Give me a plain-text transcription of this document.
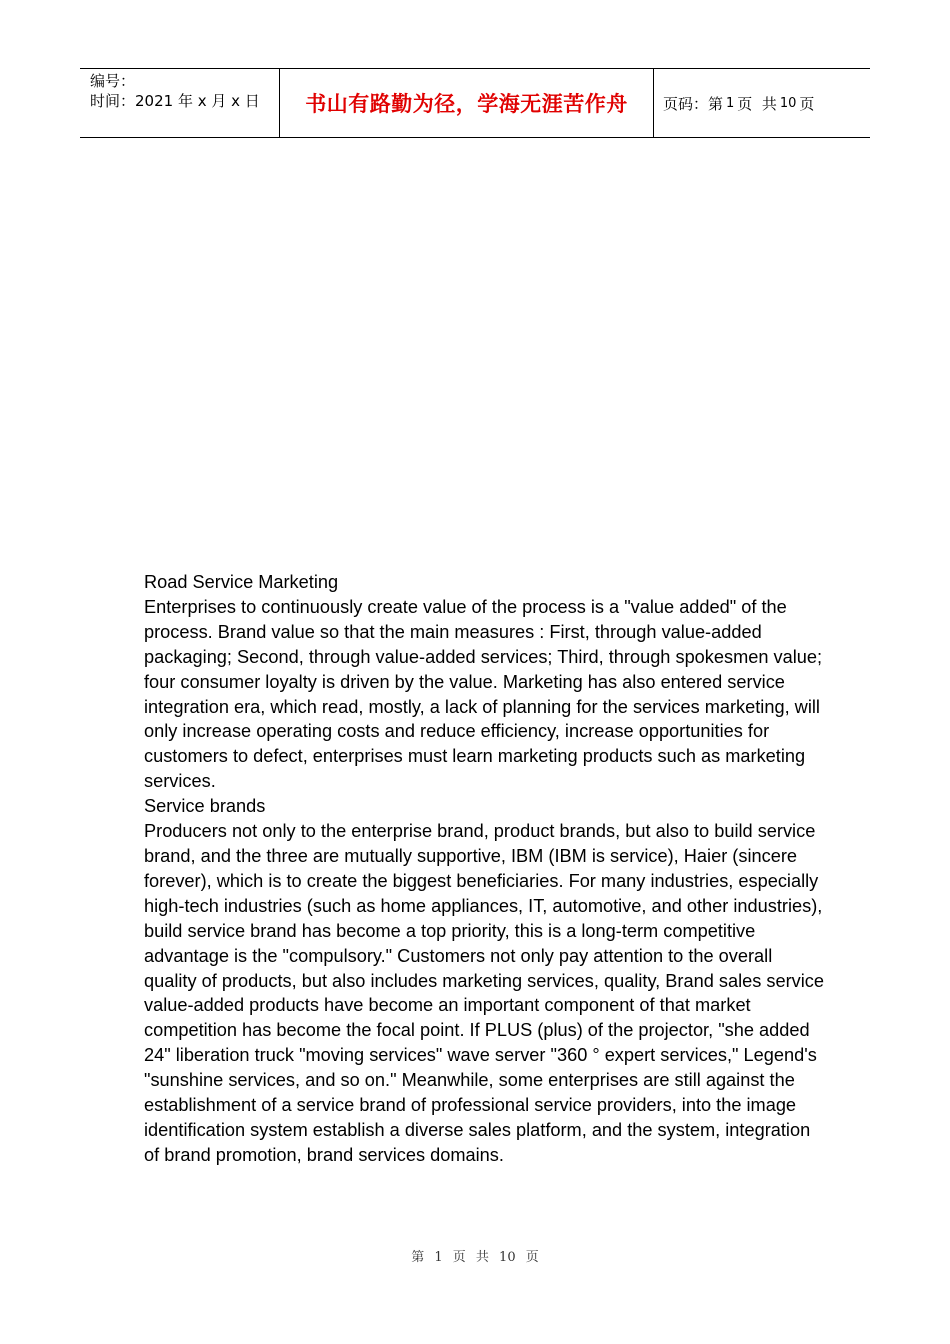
编号：
时间：2021 年 x 月 x 日	书山有路勤为径，学海无涯苦作舟 页码：第 1 页  共 10 页

Road Service Marketing

Enterprises to continuously create value of the process is a "value added" of the process. Brand value so that the main measures : First, through value-added packaging; Second, through value-added services; Third, through spokesmen value; four consumer loyalty is driven by the value. Marketing has also entered service integration era, which read, mostly, a lack of planning for the services marketing, will only increase operating costs and reduce efficiency, increase opportunities for customers to defect, enterprises must learn marketing products such as marketing services.

Service brands

Producers not only to the enterprise brand, product brands, but also to build service brand, and the three are mutually supportive, IBM (IBM is service), Haier (sincere forever), which is to create the biggest beneficiaries. For many industries, especially high-tech industries (such as home appliances, IT, automotive, and other industries), build service brand has become a top priority, this is a long-term competitive advantage is the "compulsory." Customers not only pay attention to the overall quality of products, but also includes marketing services, quality, Brand sales service value-added products have become an important component of that market competition has become the focal point. If PLUS (plus) of the projector, "she added 24" liberation truck "moving services" wave server "360 ° expert services," Legend's "sunshine services, and so on." Meanwhile, some enterprises are still against the establishment of a service brand of professional service providers, into the image identification system establish a diverse sales platform, and the system, integration of brand promotion, brand services domains.

第 1 页 共 10 页
